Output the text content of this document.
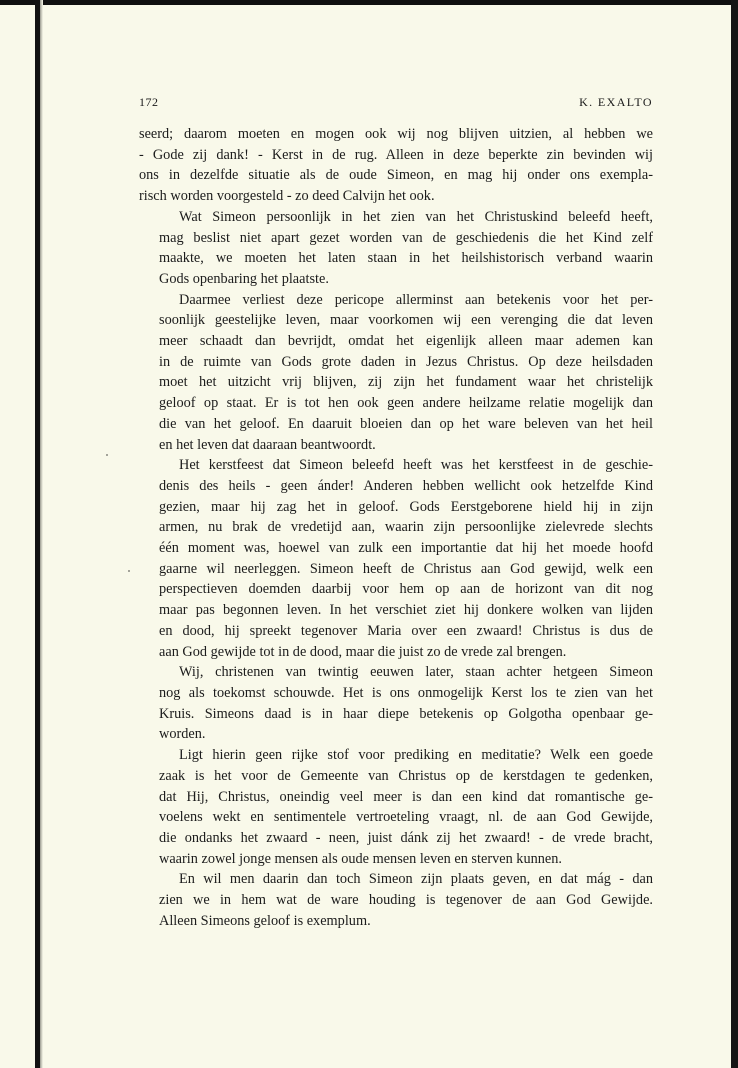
172	K. EXALTO

seerd; daarom moeten en mogen ook wij nog blijven uitzien, al hebben we
- Gode zij dank! - Kerst in de rug. Alleen in deze beperkte zin bevinden wij
ons in dezelfde situatie als de oude Simeon, en mag hij onder ons exempla-
risch worden voorgesteld - zo deed Calvijn het ook.

Wat Simeon persoonlijk in het zien van het Christuskind beleefd heeft,
mag beslist niet apart gezet worden van de geschiedenis die het Kind zelf
maakte, we moeten het laten staan in het heilshistorisch verband waarin
Gods openbaring het plaatste.

Daarmee verliest deze pericope allerminst aan betekenis voor het per-
soonlijk geestelijke leven, maar voorkomen wij een verenging die dat leven
meer schaadt dan bevrijdt, omdat het eigenlijk alleen maar ademen kan
in de ruimte van Gods grote daden in Jezus Christus. Op deze heilsdaden
moet het uitzicht vrij blijven, zij zijn het fundament waar het christelijk
geloof op staat. Er is tot hen ook geen andere heilzame relatie mogelijk dan
die van het geloof. En daaruit bloeien dan op het ware beleven van het heil
en het leven dat daaraan beantwoordt.

Het kerstfeest dat Simeon beleefd heeft was het kerstfeest in de geschie-
denis des heils - geen ánder! Anderen hebben wellicht ook hetzelfde Kind
gezien, maar hij zag het in geloof. Gods Eerstgeborene hield hij in zijn
armen, nu brak de vredetijd aan, waarin zijn persoonlijke zielevrede slechts
één moment was, hoewel van zulk een importantie dat hij het moede hoofd
gaarne wil neerleggen. Simeon heeft de Christus aan God gewijd, welk een
perspectieven doemden daarbij voor hem op aan de horizont van dit nog
maar pas begonnen leven. In het verschiet ziet hij donkere wolken van lijden
en dood, hij spreekt tegenover Maria over een zwaard! Christus is dus de
aan God gewijde tot in de dood, maar die juist zo de vrede zal brengen.

Wij, christenen van twintig eeuwen later, staan achter hetgeen Simeon
nog als toekomst schouwde. Het is ons onmogelijk Kerst los te zien van het
Kruis. Simeons daad is in haar diepe betekenis op Golgotha openbaar ge-
worden.

Ligt hierin geen rijke stof voor prediking en meditatie? Welk een goede
zaak is het voor de Gemeente van Christus op de kerstdagen te gedenken,
dat Hij, Christus, oneindig veel meer is dan een kind dat romantische ge-
voelens wekt en sentimentele vertroeteling vraagt, nl. de aan God Gewijde,
die ondanks het zwaard - neen, juist dánk zij het zwaard! - de vrede bracht,
waarin zowel jonge mensen als oude mensen leven en sterven kunnen.

En wil men daarin dan toch Simeon zijn plaats geven, en dat mág - dan
zien we in hem wat de ware houding is tegenover de aan God Gewijde.
Alleen Simeons geloof is exemplum.
